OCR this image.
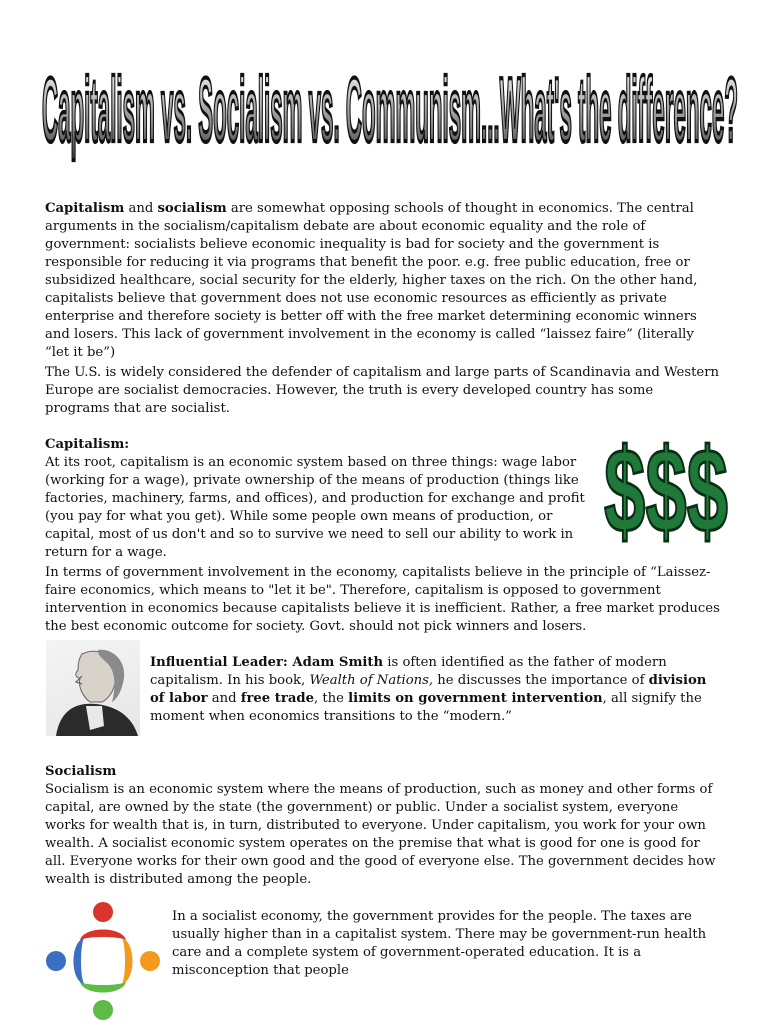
Capitalism vs. Socialism vs. Communism...What's the difference?

Capitalism and socialism are somewhat opposing schools of thought in economics. The central arguments in the socialism/capitalism debate are about economic equality and the role of government: socialists believe economic inequality is bad for society and the government is responsible for reducing it via programs that benefit the poor. e.g. free public education, free or subsidized healthcare, social security for the elderly, higher taxes on the rich. On the other hand, capitalists believe that government does not use economic resources as efficiently as private enterprise and therefore society is better off with the free market determining economic winners and losers. This lack of government involvement in the economy is called “laissez faire” (literally “let it be”)

The U.S. is widely considered the defender of capitalism and large parts of Scandinavia and Western Europe are socialist democracies. However, the truth is every developed country has some programs that are socialist.

Capitalism:

At its root, capitalism is an economic system based on three things: wage labor (working for a wage), private ownership of the means of production (things like factories, machinery, farms, and offices), and production for exchange and profit (you pay for what you get). While some people own means of production, or capital, most of us don't and so to survive we need to sell our ability to work in return for a wage.	$$$

In terms of government involvement in the economy, capitalists believe in the principle of “Laissez-faire economics, which means to "let it be". Therefore, capitalism is opposed to government intervention in economics because capitalists believe it is inefficient. Rather, a free market produces the best economic outcome for society. Govt. should not pick winners and losers.

Influential Leader: Adam Smith is often identified as the father of modern capitalism. In his book, Wealth of Nations, he discusses the importance of division of labor and free trade, the limits on government intervention, all signify the moment when economics transitions to the “modern.”

Socialism

Socialism is an economic system where the means of production, such as money and other forms of capital, are owned by the state (the government) or public. Under a socialist system, everyone works for wealth that is, in turn, distributed to everyone. Under capitalism, you work for your own wealth. A socialist economic system operates on the premise that what is good for one is good for all. Everyone works for their own good and the good of everyone else. The government decides how wealth is distributed among the people.

In a socialist economy, the government provides for the people. The taxes are usually higher than in a capitalist system. There may be government-run health care and a complete system of government-operated education. It is a misconception that people
